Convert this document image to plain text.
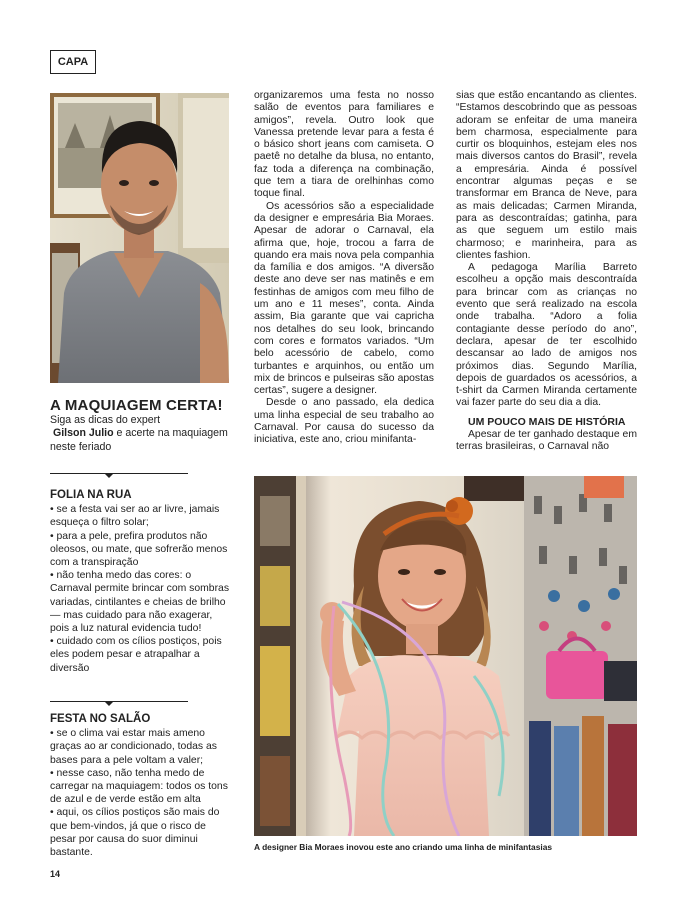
CAPA
A MAQUIAGEM CERTA!
Siga as dicas do expert
Gilson Julio e acerte na maquiagem neste feriado
FOLIA NA RUA

• se a festa vai ser ao ar livre, jamais esqueça o filtro solar;

• para a pele, prefira produtos não oleosos, ou mate, que sofrerão menos com a transpiração

• não tenha medo das cores: o Carnaval permite brincar com sombras variadas, cintilantes e cheias de brilho — mas cuidado para não exagerar, pois a luz natural evidencia tudo!

• cuidado com os cílios postiços, pois eles podem pesar e atrapalhar a diversão

FESTA NO SALÃO

• se o clima vai estar mais ameno graças ao ar condicionado, todas as bases para a pele voltam a valer;

• nesse caso, não tenha medo de carregar na maquiagem: todos os tons de azul e de verde estão em alta

• aqui, os cílios postiços são mais do que bem-vindos, já que o risco de pesar por causa do suor diminui bastante.

organizaremos uma festa no nosso salão de eventos para familiares e amigos”, revela. Outro look que Vanessa pretende levar para a festa é o básico short jeans com camiseta. O paetê no detalhe da blusa, no entanto, faz toda a diferença na combinação, que tem a tiara de orelhinhas como toque final.

Os acessórios são a especialidade da designer e empresária Bia Moraes. Apesar de adorar o Carnaval, ela afirma que, hoje, trocou a farra de quando era mais nova pela companhia da família e dos amigos. “A diversão deste ano deve ser nas matinês e em festinhas de amigos com meu filho de um ano e 11 meses”, conta. Ainda assim, Bia garante que vai capricha nos detalhes do seu look, brincando com cores e formatos variados. “Um belo acessório de cabelo, como turbantes e arquinhos, ou então um mix de brincos e pulseiras são apostas certas”, sugere a designer.

Desde o ano passado, ela dedica uma linha especial de seu trabalho ao Carnaval. Por causa do sucesso da iniciativa, este ano, criou minifanta-

sias que estão encantando as clientes. “Estamos descobrindo que as pessoas adoram se enfeitar de uma maneira bem charmosa, especialmente para curtir os bloquinhos, estejam eles nos mais diversos cantos do Brasil”, revela a empresária. Ainda é possível encontrar algumas peças e se transformar em Branca de Neve, para as mais delicadas; Carmen Miranda, para as descontraídas; gatinha, para as que seguem um estilo mais charmoso; e marinheira, para as clientes fashion.

A pedagoga Marília Barreto escolheu a opção mais descontraída para brincar com as crianças no evento que será realizado na escola onde trabalha. “Adoro a folia contagiante desse período do ano”, declara, apesar de ter escolhido descansar ao lado de amigos nos próximos dias. Segundo Marília, depois de guardados os acessórios, a t-shirt da Carmen Miranda certamente vai fazer parte do seu dia a dia.

UM POUCO MAIS DE HISTÓRIA

Apesar de ter ganhado destaque em terras brasileiras, o Carnaval não

A designer Bia Moraes inovou este ano criando uma linha de minifantasias
14
